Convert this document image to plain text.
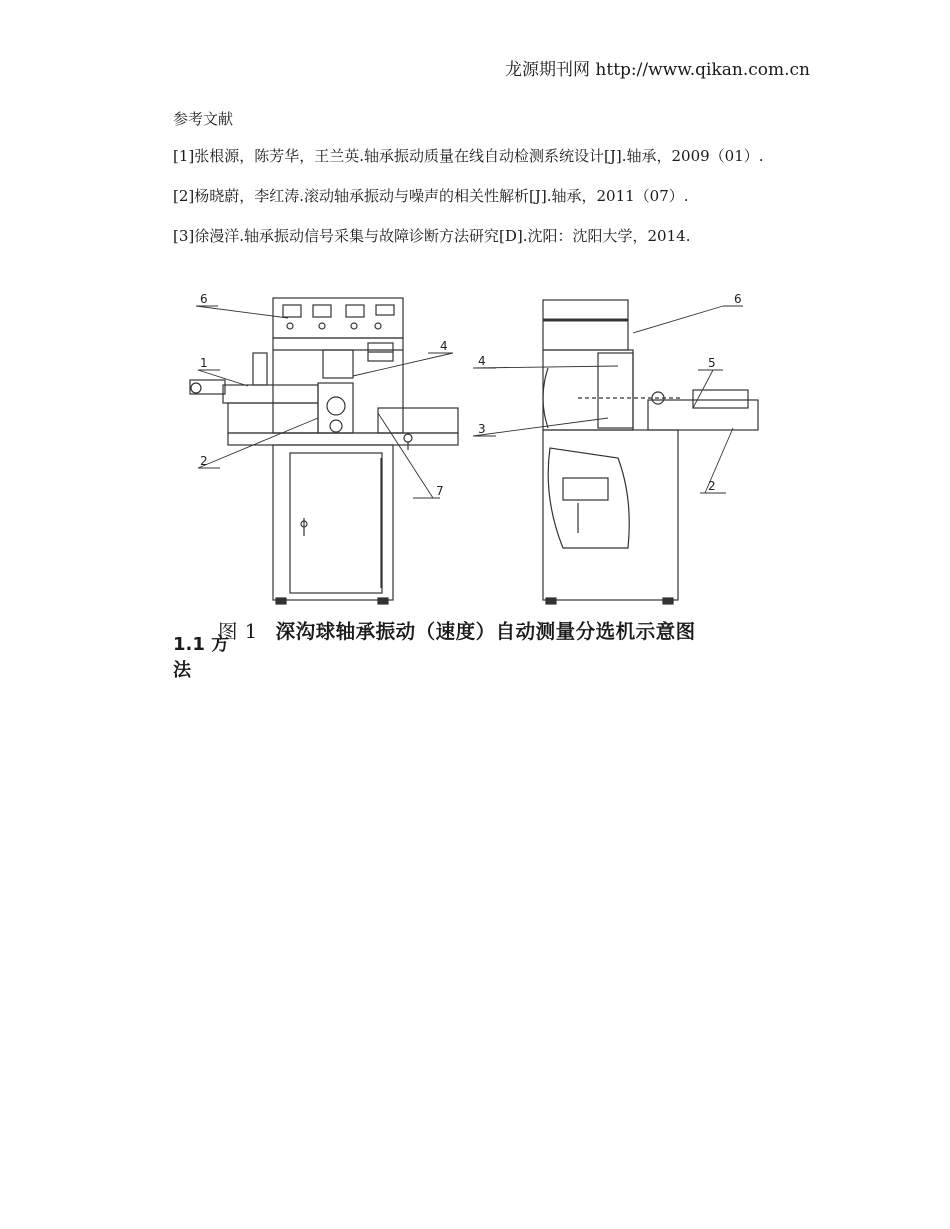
龙源期刊网 http://www.qikan.com.cn
参考文献
[1]张根源，陈芳华，王兰英.轴承振动质量在线自动检测系统设计[J].轴承，2009（01）.
[2]杨晓蔚，李红涛.滚动轴承振动与噪声的相关性解析[J].轴承，2011（07）.
[3]徐漫洋.轴承振动信号采集与故障诊断方法研究[D].沈阳：沈阳大学，2014.
6
1
4
2
7
6
4	5
3
2
图 1 深沟球轴承振动（速度）自动测量分选机示意图
1.1 方法
